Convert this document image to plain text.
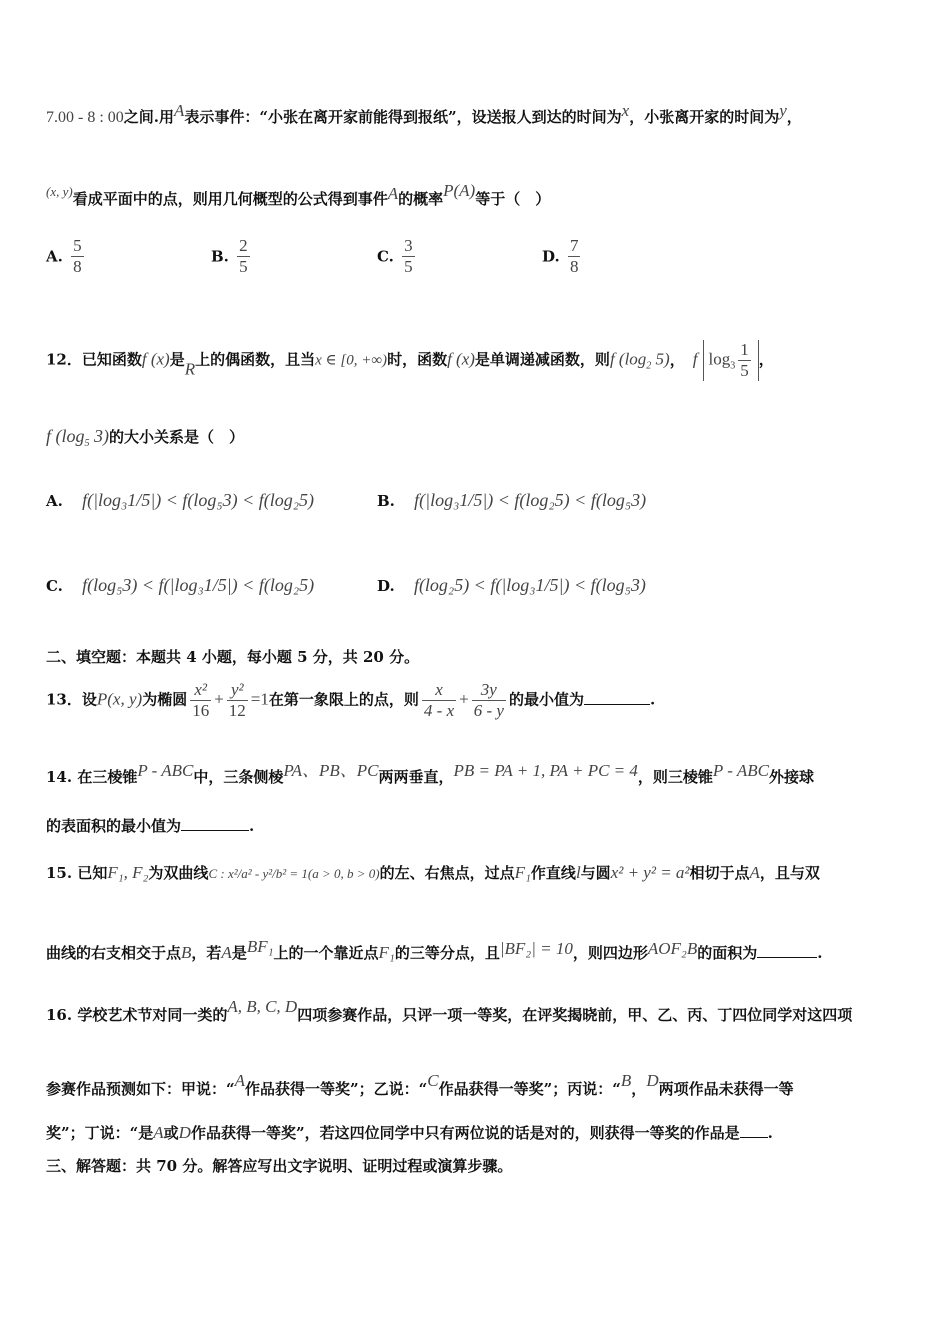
7.00 - 8 : 00之间.用A表示事件：“小张在离开家前能得到报纸”，设送报人到达的时间为x，小张离开家的时间为y，
(x, y)看成平面中的点，则用几何概型的公式得到事件A的概率P(A)等于（　）
A. $\frac{5}{8}$	B. $\frac{2}{5}$	C. $\frac{3}{5}$	D. $\frac{7}{8}$
12．已知函数f (x)是R上的偶函数，且当x ∈ [0, +∞)时，函数f (x)是单调递减函数，则f ($\log_2$ 5)， f $\log_3 \frac{1}{5}$ ，
f ($\log_5$ 3)的大小关系是（　）
A. f(|log₃1/5|) < f(log₅3) < f(log₂5)	B. f(|log₃1/5|) < f(log₂5) < f(log₅3)
C. f(log₅3) < f(|log₃1/5|) < f(log₂5)	D. f(log₂5) < f(|log₃1/5|) < f(log₅3)
二、填空题：本题共 4 小题，每小题 5 分，共 20 分。
13．设P(x, y)为椭圆 $\frac{\text{x²}}{16} + \frac{\text{y²}}{12} =1$在第一象限上的点，则 $\frac{x}{4 - x} + \frac{3y}{6 - y}$ 的最小值为	.
14. 在三棱锥P - ABC中，三条侧棱PA、PB、PC两两垂直，PB = PA + 1, PA + PC = 4，则三棱锥P - ABC外接球
的表面积的最小值为	.
15. 已知F₁, F₂为双曲线C : x²/a² - y²/b² = 1(a > 0, b > 0)的左、右焦点，过点F₁作直线l与圆x² + y² = a²相切于点A，且与双
曲线的右支相交于点B，若A是BF₁上的一个靠近点F₁的三等分点，且|BF₂| = 10，则四边形AOF₂B的面积为	.
16. 学校艺术节对同一类的A, B, C, D四项参赛作品，只评一项一等奖，在评奖揭晓前，甲、乙、丙、丁四位同学对这四项
参赛作品预测如下：甲说：“A作品获得一等奖”；乙说：“C作品获得一等奖”；丙说：“B，D两项作品未获得一等
奖”；丁说：“是A或D作品获得一等奖”，若这四位同学中只有两位说的话是对的，则获得一等奖的作品是 .
三、解答题：共 70 分。解答应写出文字说明、证明过程或演算步骤。
